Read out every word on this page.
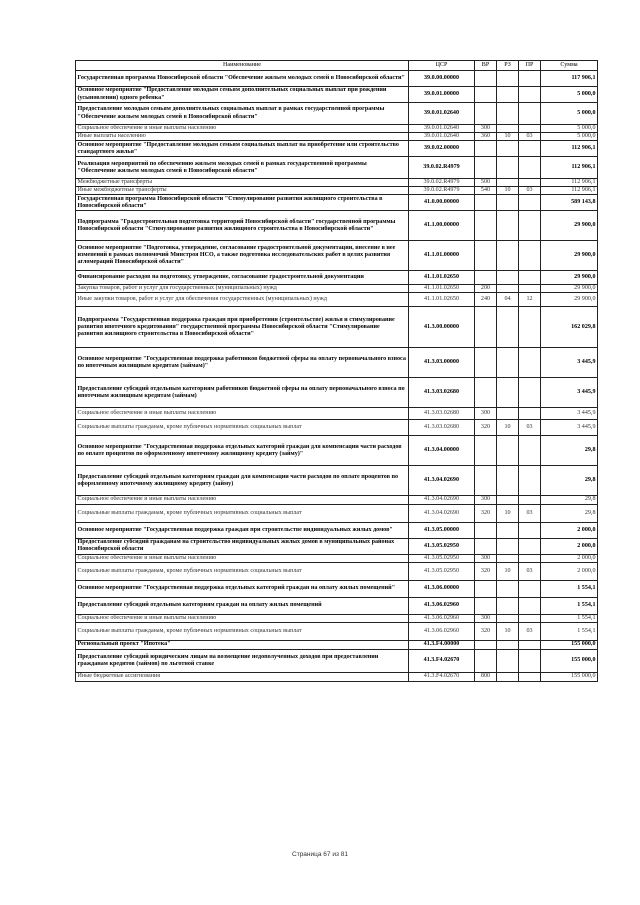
Наименование	ЦСР	ВР	РЗ	ПР	Сумма
Государственная программа Новосибирской области "Обеспечение жильем молодых семей в Новосибирской области"	39.0.00.00000				117 906,1
Основное мероприятие "Предоставление молодым семьям дополнительных социальных выплат при рождении (усыновлении) одного ребенка"	39.0.01.00000				5 000,0
Предоставление молодым семьям дополнительных социальных выплат в рамках государственной программы "Обеспечение жильем молодых семей в Новосибирской области"	39.0.01.02640				5 000,0
Социальное обеспечение и иные выплаты населению	39.0.01.02640	300			5 000,0
Иные выплаты населению	39.0.01.02640	360	10	03	5 000,0
Основное мероприятие "Предоставление молодым семьям социальных выплат на приобретение или строительство стандартного жилья"	39.0.02.00000				112 906,1
Реализация мероприятий по обеспечению жильем молодых семей в рамках государственной программы "Обеспечение жильем молодых семей в Новосибирской области"	39.0.02.R4979				112 906,1
Межбюджетные трансферты	39.0.02.R4979	500			112 906,1
Иные межбюджетные трансферты	39.0.02.R4979	540	10	03	112 906,1
Государственная программа Новосибирской области "Стимулирование развития жилищного строительства в Новосибирской области"	41.0.00.00000				589 143,8
Подпрограмма "Градостроительная подготовка территорий Новосибирской области" государственной программы Новосибирской области "Стимулирование развития жилищного строительства в Новосибирской области"	41.1.00.00000				29 900,0
Основное мероприятие "Подготовка, утверждение, согласование градостроительной документации, внесение в нее изменений в рамках полномочий Минстроя НСО, а также подготовка исследовательских работ в целях развития агломераций Новосибирской области"	41.1.01.00000				29 900,0
Финансирование расходов на подготовку, утверждение, согласование градостроительной документации	41.1.01.02650				29 900,0
Закупка товаров, работ и услуг для государственных (муниципальных) нужд	41.1.01.02650	200			29 900,0
Иные закупки товаров, работ и услуг для обеспечения государственных (муниципальных) нужд	41.1.01.02650	240	04	12	29 900,0
Подпрограмма "Государственная поддержка граждан при приобретении (строительстве) жилья и стимулирование развития ипотечного кредитования" государственной программы Новосибирской области "Стимулирование развития жилищного строительства в Новосибирской области"	41.3.00.00000				162 029,8
Основное мероприятие "Государственная поддержка работников бюджетной сферы на оплату первоначального взноса по ипотечным жилищным кредитам (займам)"	41.3.03.00000				3 445,9
Предоставление субсидий отдельным категориям работников бюджетной сферы на оплату первоначального взноса по ипотечным жилищным кредитам (займам)	41.3.03.02680				3 445,9
Социальное обеспечение и иные выплаты населению	41.3.03.02680	300			3 445,9
Социальные выплаты гражданам, кроме публичных нормативных социальных выплат	41.3.03.02680	320	10	03	3 445,9
Основное мероприятие "Государственная поддержка отдельных категорий граждан для компенсации части расходов по оплате процентов по оформленному ипотечному жилищному кредиту (займу)"	41.3.04.00000				29,8
Предоставление субсидий отдельным категориям граждан для компенсации части расходов по оплате процентов по оформленному ипотечному жилищному кредиту (займу)	41.3.04.02690				29,8
Социальное обеспечение и иные выплаты населению	41.3.04.02690	300			29,8
Социальные выплаты гражданам, кроме публичных нормативных социальных выплат	41.3.04.02690	320	10	03	29,8
Основное мероприятие "Государственная поддержка граждан при строительстве индивидуальных жилых домов"	41.3.05.00000				2 000,0
Предоставление субсидий гражданам на строительство индивидуальных жилых домов в муниципальных районах Новосибирской области	41.3.05.02950				2 000,0
Социальное обеспечение и иные выплаты населению	41.3.05.02950	300			2 000,0
Социальные выплаты гражданам, кроме публичных нормативных социальных выплат	41.3.05.02950	320	10	03	2 000,0
Основное мероприятие "Государственная поддержка отдельных категорий граждан на оплату жилых помещений"	41.3.06.00000				1 554,1
Предоставление субсидий отдельным категориям граждан на оплату жилых помещений	41.3.06.02960				1 554,1
Социальное обеспечение и иные выплаты населению	41.3.06.02960	300			1 554,1
Социальные выплаты гражданам, кроме публичных нормативных социальных выплат	41.3.06.02960	320	10	03	1 554,1
Региональный проект "Ипотека"	41.3.F4.00000				155 000,0
Предоставление субсидий юридическим лицам на возмещение недополученных доходов при предоставлении гражданам кредитов (займов) по льготной ставке	41.3.F4.02670				155 000,0
Иные бюджетные ассигнования	41.3.F4.02670	800			155 000,0
Страница 67 из 81
